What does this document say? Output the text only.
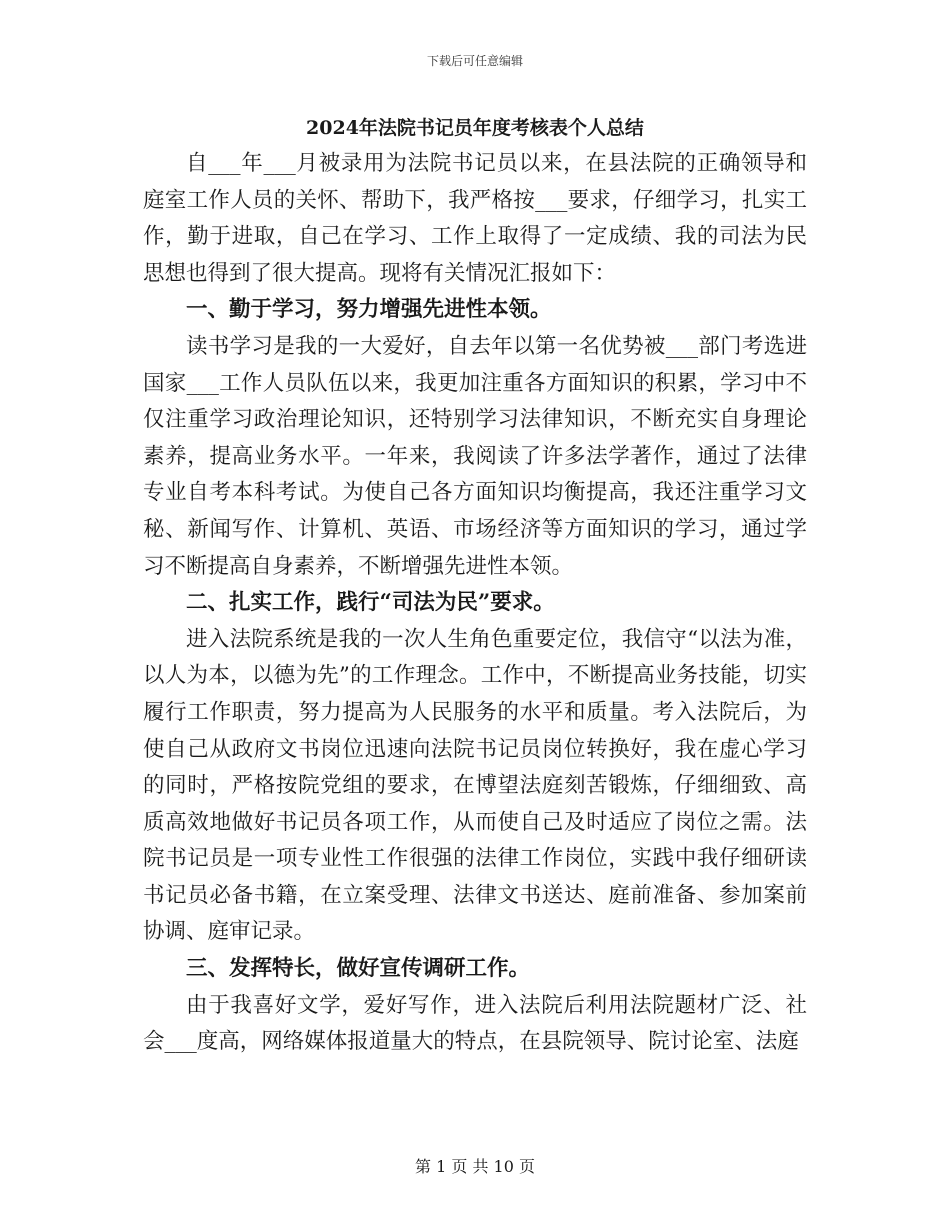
下载后可任意编辑
2024年法院书记员年度考核表个人总结

自___年___月被录用为法院书记员以来，在县法院的正确领导和庭室工作人员的关怀、帮助下，我严格按___要求，仔细学习，扎实工作，勤于进取，自己在学习、工作上取得了一定成绩、我的司法为民思想也得到了很大提高。现将有关情况汇报如下：

一、勤于学习，努力增强先进性本领。

读书学习是我的一大爱好，自去年以第一名优势被___部门考选进国家___工作人员队伍以来，我更加注重各方面知识的积累，学习中不仅注重学习政治理论知识，还特别学习法律知识，不断充实自身理论素养，提高业务水平。一年来，我阅读了许多法学著作，通过了法律专业自考本科考试。为使自己各方面知识均衡提高，我还注重学习文秘、新闻写作、计算机、英语、市场经济等方面知识的学习，通过学习不断提高自身素养，不断增强先进性本领。

二、扎实工作，践行“司法为民”要求。

进入法院系统是我的一次人生角色重要定位，我信守“以法为准，以人为本，以德为先”的工作理念。工作中，不断提高业务技能，切实履行工作职责，努力提高为人民服务的水平和质量。考入法院后，为使自己从政府文书岗位迅速向法院书记员岗位转换好，我在虚心学习的同时，严格按院党组的要求，在博望法庭刻苦锻炼，仔细细致、高质高效地做好书记员各项工作，从而使自己及时适应了岗位之需。法院书记员是一项专业性工作很强的法律工作岗位，实践中我仔细研读书记员必备书籍，在立案受理、法律文书送达、庭前准备、参加案前协调、庭审记录。

三、发挥特长，做好宣传调研工作。

由于我喜好文学，爱好写作，进入法院后利用法院题材广泛、社会___度高，网络媒体报道量大的特点，在县院领导、院讨论室、法庭

第 1 页 共 10 页
